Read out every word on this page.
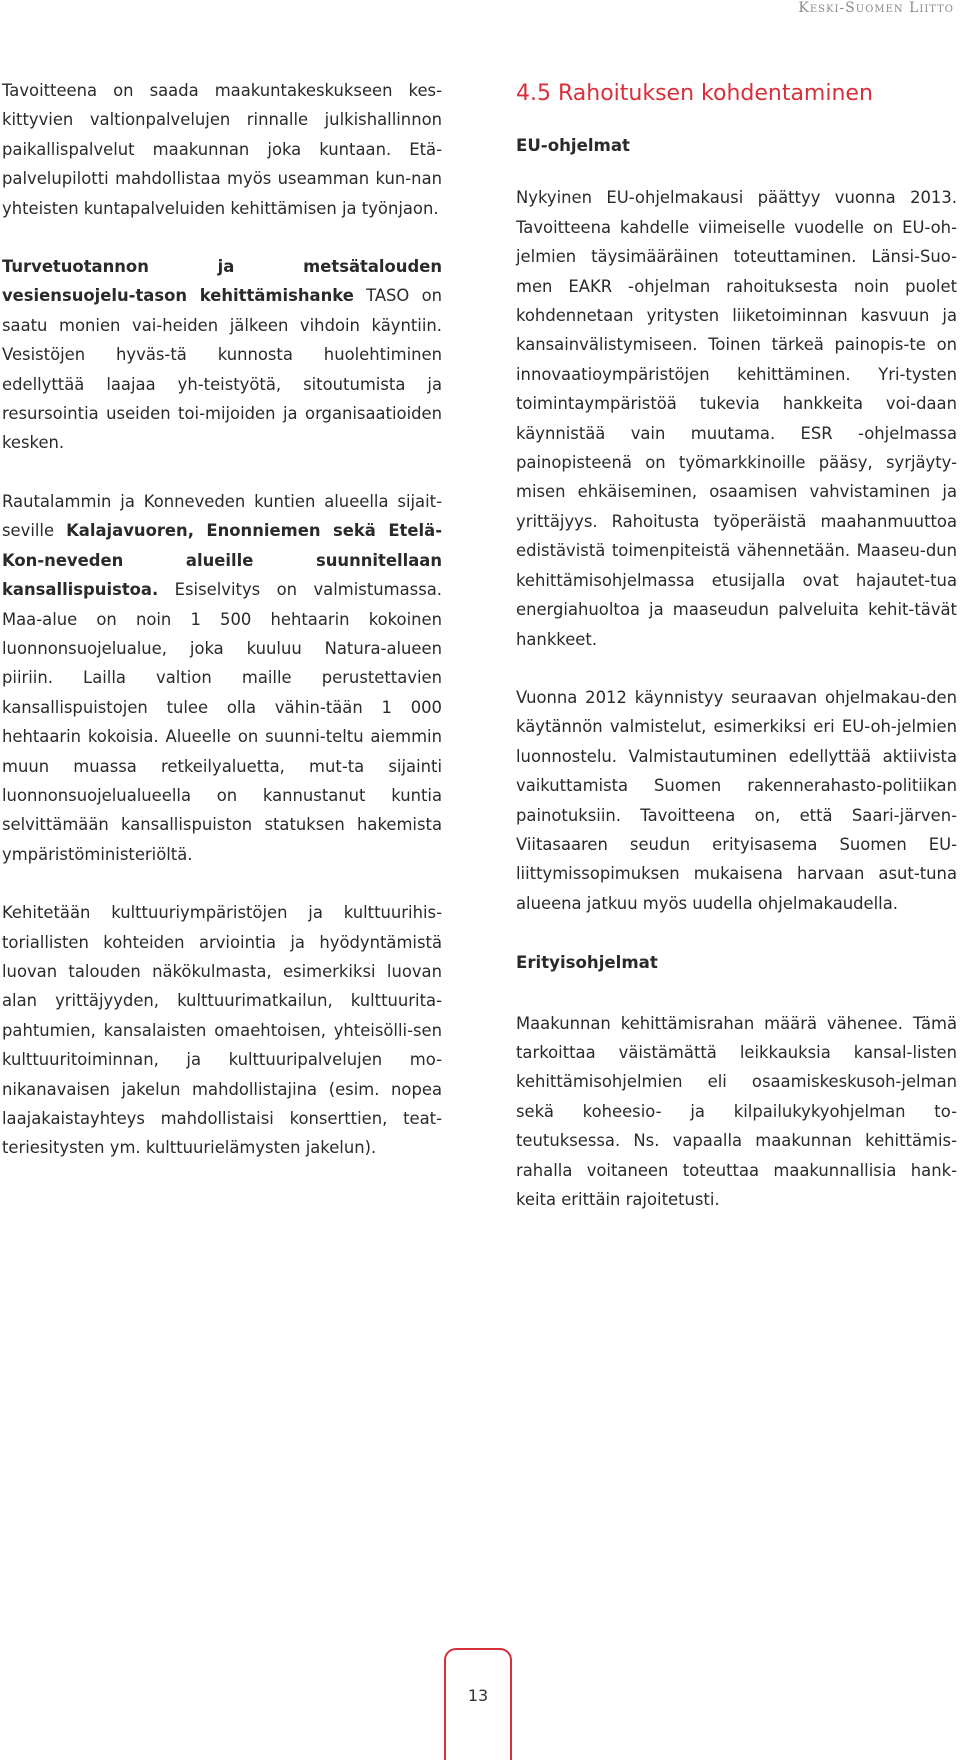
Keski-Suomen Liitto

Tavoitteena on saada maakuntakeskukseen kes-kittyvien valtionpalvelujen rinnalle julkishallinnon paikallispalvelut maakunnan joka kuntaan. Etä-palvelupilotti mahdollistaa myös useamman kun-nan yhteisten kuntapalveluiden kehittämisen ja työnjaon.

Turvetuotannon ja metsätalouden vesiensuojelu-tason kehittämishanke TASO on saatu monien vai-heiden jälkeen vihdoin käyntiin. Vesistöjen hyväs-tä kunnosta huolehtiminen edellyttää laajaa yh-teistyötä, sitoutumista ja resursointia useiden toi-mijoiden ja organisaatioiden kesken.

Rautalammin ja Konneveden kuntien alueella sijait-seville Kalajavuoren, Enonniemen sekä Etelä-Kon-neveden alueille suunnitellaan kansallispuistoa. Esiselvitys on valmistumassa. Maa-alue on noin 1 500 hehtaarin kokoinen luonnonsuojelualue, joka kuuluu Natura-alueen piiriin. Lailla valtion maille perustettavien kansallispuistojen tulee olla vähin-tään 1 000 hehtaarin kokoisia. Alueelle on suunni-teltu aiemmin muun muassa retkeilyaluetta, mut-ta sijainti luonnonsuojelualueella on kannustanut kuntia selvittämään kansallispuiston statuksen hakemista ympäristöministeriöltä.

Kehitetään kulttuuriympäristöjen ja kulttuurihis-toriallisten kohteiden arviointia ja hyödyntämistä luovan talouden näkökulmasta, esimerkiksi luovan alan yrittäjyyden, kulttuurimatkailun, kulttuurita-pahtumien, kansalaisten omaehtoisen, yhteisölli-sen kulttuuritoiminnan, ja kulttuuripalvelujen mo-nikanavaisen jakelun mahdollistajina (esim. nopea laajakaistayhteys mahdollistaisi konserttien, teat-teriesitysten ym. kulttuurielämysten jakelun).

4.5 Rahoituksen kohdentaminen
EU-ohjelmat

Nykyinen EU-ohjelmakausi päättyy vuonna 2013. Tavoitteena kahdelle viimeiselle vuodelle on EU-oh-jelmien täysimääräinen toteuttaminen. Länsi-Suo-men EAKR -ohjelman rahoituksesta noin puolet kohdennetaan yritysten liiketoiminnan kasvuun ja kansainvälistymiseen. Toinen tärkeä painopis-te on innovaatioympäristöjen kehittäminen. Yri-tysten toimintaympäristöä tukevia hankkeita voi-daan käynnistää vain muutama. ESR -ohjelmassa painopisteenä on työmarkkinoille pääsy, syrjäyty-misen ehkäiseminen, osaamisen vahvistaminen ja yrittäjyys. Rahoitusta työperäistä maahanmuuttoa edistävistä toimenpiteistä vähennetään. Maaseu-dun kehittämisohjelmassa etusijalla ovat hajautet-tua energiahuoltoa ja maaseudun palveluita kehit-tävät hankkeet.

Vuonna 2012 käynnistyy seuraavan ohjelmakau-den käytännön valmistelut, esimerkiksi eri EU-oh-jelmien luonnostelu. Valmistautuminen edellyttää aktiivista vaikuttamista Suomen rakennerahasto-politiikan painotuksiin. Tavoitteena on, että Saari-järven-Viitasaaren seudun erityisasema Suomen EU-liittymissopimuksen mukaisena harvaan asut-tuna alueena jatkuu myös uudella ohjelmakaudella.

Erityisohjelmat

Maakunnan kehittämisrahan määrä vähenee. Tämä tarkoittaa väistämättä leikkauksia kansal-listen kehittämisohjelmien eli osaamiskeskusoh-jelman sekä koheesio- ja kilpailukykyohjelman to-teutuksessa. Ns. vapaalla maakunnan kehittämis-rahalla voitaneen toteuttaa maakunnallisia hank-keita erittäin rajoitetusti.

13
